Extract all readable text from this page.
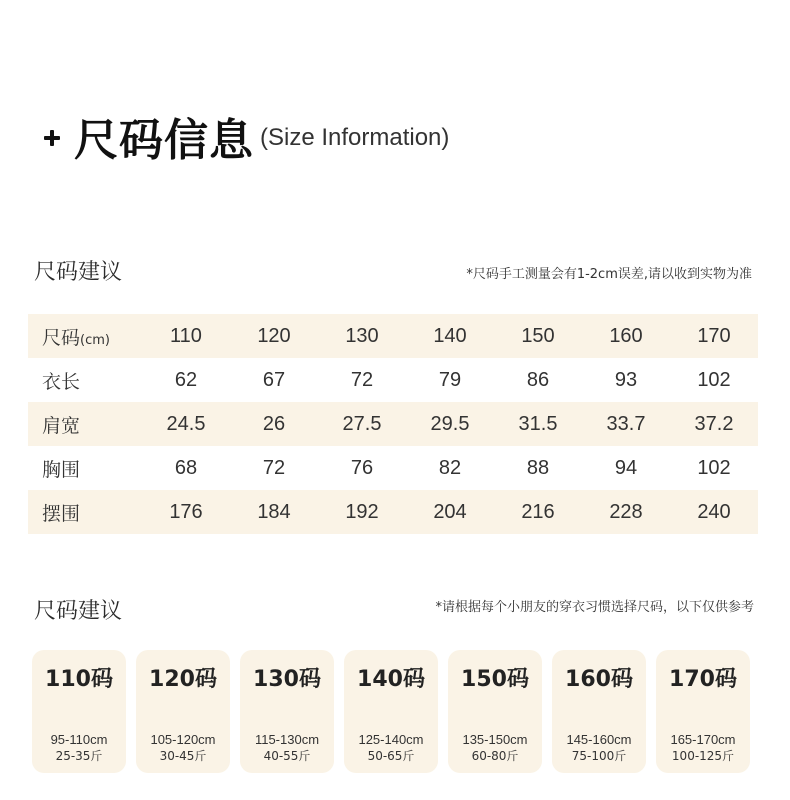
尺码信息 (Size Information)
尺码建议	*尺码手工测量会有1-2cm误差,请以收到实物为准
尺码(cm)	110	120	130	140	150	160	170
衣长	62	67	72	79	86	93	102
肩宽	24.5	26	27.5	29.5	31.5	33.7	37.2
胸围	68	72	76	82	88	94	102
摆围	176	184	192	204	216	228	240
尺码建议	*请根据每个小朋友的穿衣习惯选择尺码，以下仅供参考
110码
95-110cm
25-35斤
120码
105-120cm
30-45斤
130码
115-130cm
40-55斤
140码
125-140cm
50-65斤
150码
135-150cm
60-80斤
160码
145-160cm
75-100斤
170码
165-170cm
100-125斤
